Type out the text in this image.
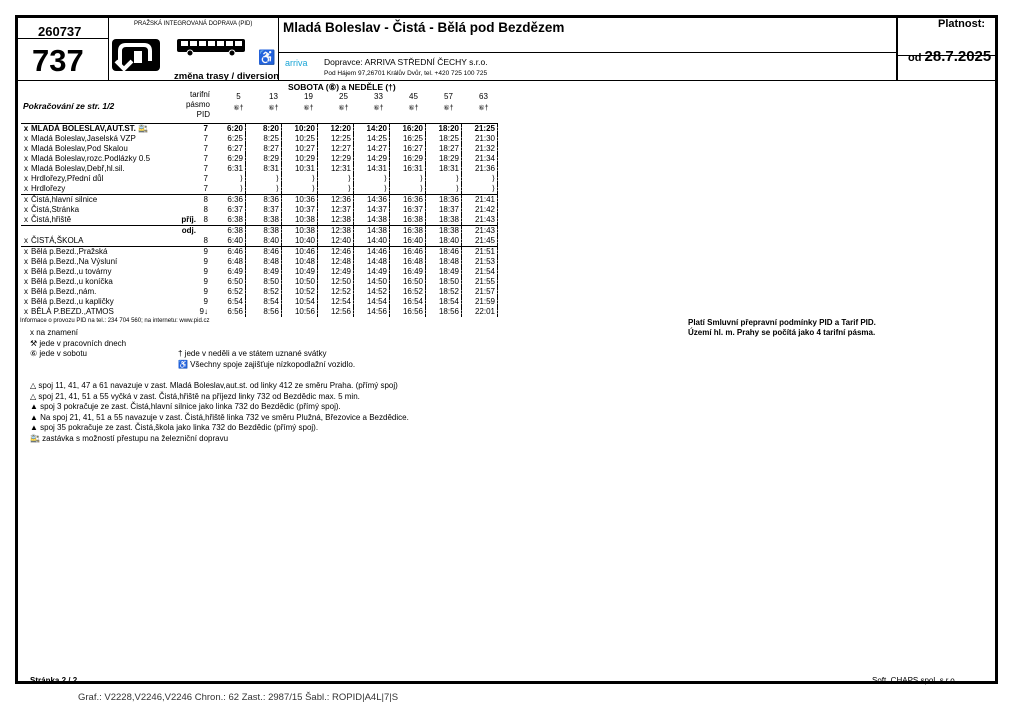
260737
737
PRAŽSKÁ INTEGROVANÁ DOPRAVA (PID)
♿
Mladá Boleslav - Čistá - Bělá pod Bezdězem
arriva Dopravce: ARRIVA STŘEDNÍ ČECHY s.r.o.
Pod Hájem 97,26701 Králův Dvůr, tel. +420 725 100 725
změna trasy / diversion
Platnost:
od 28.7.2025
Pokračování ze str. 1/2
tarifní
pásmo
PID
SOBOTA (⑥) a NEDĚLE (†)
5	13	19	25	33	45	57	63
⑥†	⑥†	⑥†	⑥†	⑥†	⑥†	⑥†	⑥†
x	MLADÁ BOLESLAV,AUT.ST. 🚉		7	6:20	8:20	10:20	12:20	14:20	16:20	18:20	21:25
x	Mladá Boleslav,Jaselská VZP		7	6:25	8:25	10:25	12:25	14:25	16:25	18:25	21:30
x	Mladá Boleslav,Pod Skalou		7	6:27	8:27	10:27	12:27	14:27	16:27	18:27	21:32
x	Mladá Boleslav,rozc.Podlázky 0.5		7	6:29	8:29	10:29	12:29	14:29	16:29	18:29	21:34
x	Mladá Boleslav,Debř,hl.sil.		7	6:31	8:31	10:31	12:31	14:31	16:31	18:31	21:36
x	Hrdlořezy,Přední důl		7	⟩	⟩	⟩	⟩	⟩	⟩	⟩	⟩
x	Hrdlořezy		7	⟩	⟩	⟩	⟩	⟩	⟩	⟩	⟩
x	Čistá,hlavní silnice		8	6:36	8:36	10:36	12:36	14:36	16:36	18:36	21:41
x	Čistá,Stránka		8	6:37	8:37	10:37	12:37	14:37	16:37	18:37	21:42
x	Čistá,hřiště	příj.	8	6:38	8:38	10:38	12:38	14:38	16:38	18:38	21:43
		odj.		6:38	8:38	10:38	12:38	14:38	16:38	18:38	21:43
x	ČISTÁ,ŠKOLA		8	6:40	8:40	10:40	12:40	14:40	16:40	18:40	21:45
x	Bělá p.Bezd.,Pražská		9	6:46	8:46	10:46	12:46	14:46	16:46	18:46	21:51
x	Bělá p.Bezd.,Na Výsluní		9	6:48	8:48	10:48	12:48	14:48	16:48	18:48	21:53
x	Bělá p.Bezd.,u továrny		9	6:49	8:49	10:49	12:49	14:49	16:49	18:49	21:54
x	Bělá p.Bezd.,u koníčka		9	6:50	8:50	10:50	12:50	14:50	16:50	18:50	21:55
x	Bělá p.Bezd.,nám.		9	6:52	8:52	10:52	12:52	14:52	16:52	18:52	21:57
x	Bělá p.Bezd.,u kapličky		9	6:54	8:54	10:54	12:54	14:54	16:54	18:54	21:59
x	BĚLÁ P.BEZD.,ATMOS		9↓	6:56	8:56	10:56	12:56	14:56	16:56	18:56	22:01
Informace o provozu PID na tel.: 234 704 560; na internetu: www.pid.cz	Platí Smluvní přepravní podmínky PID a Tarif PID.
Území hl. m. Prahy se počítá jako 4 tarifní pásma.
x na znamení
⚒ jede v pracovních dnech
⑥ jede v sobotu	† jede v neděli a ve státem uznané svátky
♿ Všechny spoje zajišťuje nízkopodlažní vozidlo.
△ spoj 11, 41, 47 a 61 navazuje v zast. Mladá Boleslav,aut.st. od linky 412 ze směru Praha. (přímý spoj)
△ spoj 21, 41, 51 a 55 vyčká v zast. Čistá,hřiště na příjezd linky 732 od Bezdědic max. 5 min.
▲ spoj 3 pokračuje ze zast. Čistá,hlavní silnice jako linka 732 do Bezdědic (přímý spoj).
▲ Na spoj 21, 41, 51 a 55 navazuje v zast. Čistá,hřiště linka 732 ve směru Plužná, Březovice a Bezdědice.
▲ spoj 35 pokračuje ze zast. Čistá,škola jako linka 732 do Bezdědic (přímý spoj).
🚉 zastávka s možností přestupu na železniční dopravu
Stránka 2 / 2	Soft. CHAPS spol. s r.o.
Graf.: V2228,V2246,V2246 Chron.: 62 Zast.: 2987/15 Šabl.: ROPID|A4L|7|S
